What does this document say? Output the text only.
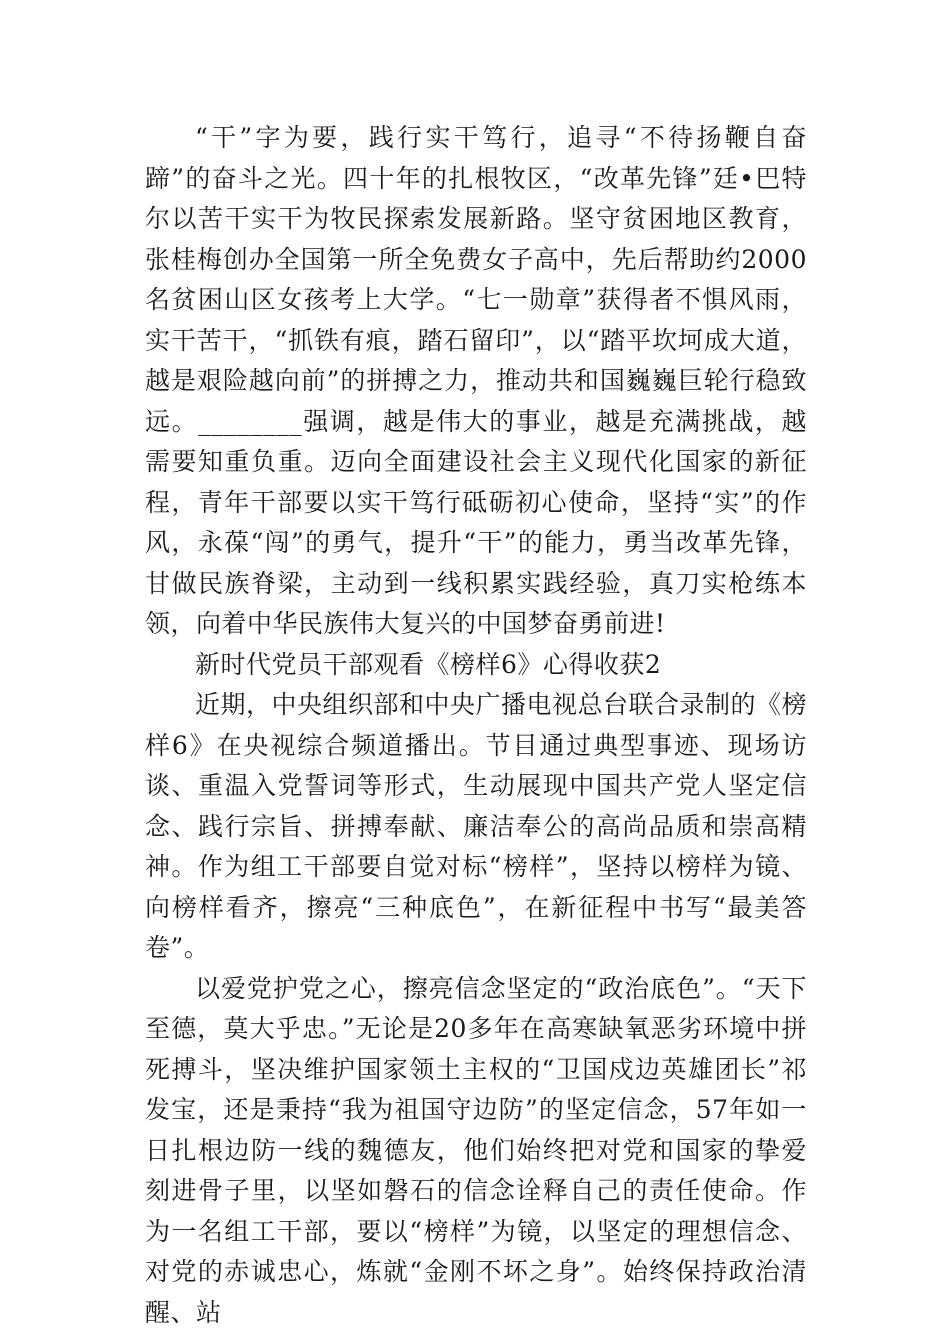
“干”字为要，践行实干笃行，追寻“不待扬鞭自奋蹄”的奋斗之光。四十年的扎根牧区，“改革先锋”廷•巴特尔以苦干实干为牧民探索发展新路。坚守贫困地区教育，张桂梅创办全国第一所全免费女子高中，先后帮助约2000名贫困山区女孩考上大学。“七一勋章”获得者不惧风雨，实干苦干，“抓铁有痕，踏石留印”，以“踏平坎坷成大道，越是艰险越向前”的拼搏之力，推动共和国巍巍巨轮行稳致远。________强调，越是伟大的事业，越是充满挑战，越需要知重负重。迈向全面建设社会主义现代化国家的新征程，青年干部要以实干笃行砥砺初心使命，坚持“实”的作风，永葆“闯”的勇气，提升“干”的能力，勇当改革先锋，甘做民族脊梁，主动到一线积累实践经验，真刀实枪练本领，向着中华民族伟大复兴的中国梦奋勇前进!

新时代党员干部观看《榜样6》心得收获2

近期，中央组织部和中央广播电视总台联合录制的《榜样6》在央视综合频道播出。节目通过典型事迹、现场访谈、重温入党誓词等形式，生动展现中国共产党人坚定信念、践行宗旨、拼搏奉献、廉洁奉公的高尚品质和崇高精神。作为组工干部要自觉对标“榜样”，坚持以榜样为镜、向榜样看齐，擦亮“三种底色”，在新征程中书写“最美答卷”。

以爱党护党之心，擦亮信念坚定的“政治底色”。“天下至德，莫大乎忠。”无论是20多年在高寒缺氧恶劣环境中拼死搏斗，坚决维护国家领土主权的“卫国戍边英雄团长”祁发宝，还是秉持“我为祖国守边防”的坚定信念，57年如一日扎根边防一线的魏德友，他们始终把对党和国家的挚爱刻进骨子里，以坚如磐石的信念诠释自己的责任使命。作为一名组工干部，要以“榜样”为镜，以坚定的理想信念、对党的赤诚忠心，炼就“金刚不坏之身”。始终保持政治清醒、站
